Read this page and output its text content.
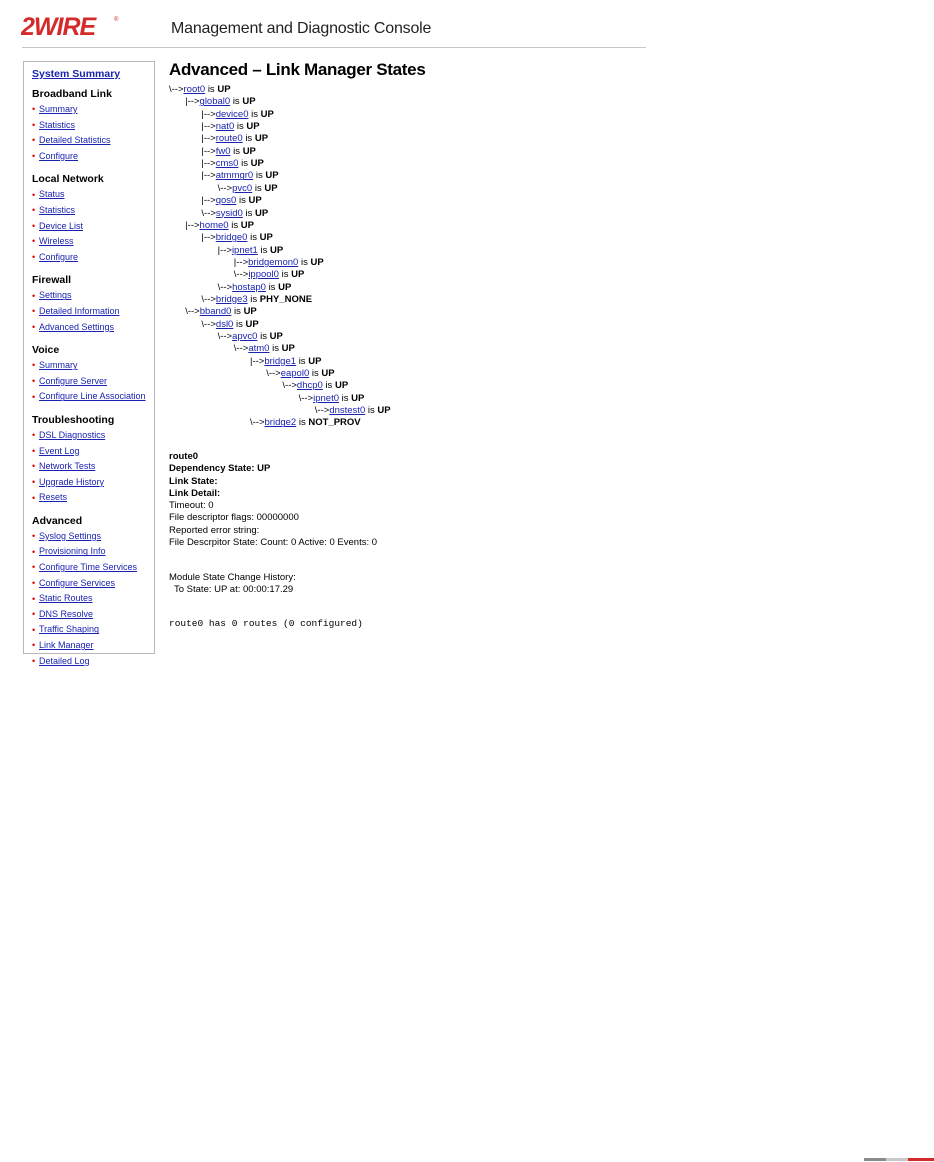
2WIRE	®	Management and Diagnostic Console
System Summary
Broadband Link
• Summary
• Statistics
• Detailed Statistics
• Configure
Local Network
• Status
• Statistics
• Device List
• Wireless
• Configure
Firewall
• Settings
• Detailed Information
• Advanced Settings
Voice
• Summary
• Configure Server
• Configure Line Association
Troubleshooting
• DSL Diagnostics
• Event Log
• Network Tests
• Upgrade History
• Resets
Advanced
• Syslog Settings
• Provisioning Info
• Configure Time Services
• Configure Services
• Static Routes
• DNS Resolve
• Traffic Shaping
• Link Manager
• Detailed Log
Advanced – Link Manager States
\-->root0 is UP
|-->global0 is UP
|-->device0 is UP
|-->nat0 is UP
|-->route0 is UP
|-->fw0 is UP
|-->cms0 is UP
|-->atmmgr0 is UP
\-->pvc0 is UP
|-->qos0 is UP
\-->sysid0 is UP
|-->home0 is UP
|-->bridge0 is UP
|-->ipnet1 is UP
|-->bridgemon0 is UP
\-->ippool0 is UP
\-->hostap0 is UP
\-->bridge3 is PHY_NONE
\-->bband0 is UP
\-->dsl0 is UP
\-->apvc0 is UP
\-->atm0 is UP
|-->bridge1 is UP
\-->eapol0 is UP
\-->dhcp0 is UP
\-->ipnet0 is UP
\-->dnstest0 is UP
\-->bridge2 is NOT_PROV
route0
Dependency State: UP
Link State:
Link Detail:
Timeout: 0
File descriptor flags: 00000000
Reported error string:
File Descrpitor State: Count: 0 Active: 0 Events: 0
Module State Change History:
To State: UP at: 00:00:17.29
route0 has 0 routes (0 configured)
